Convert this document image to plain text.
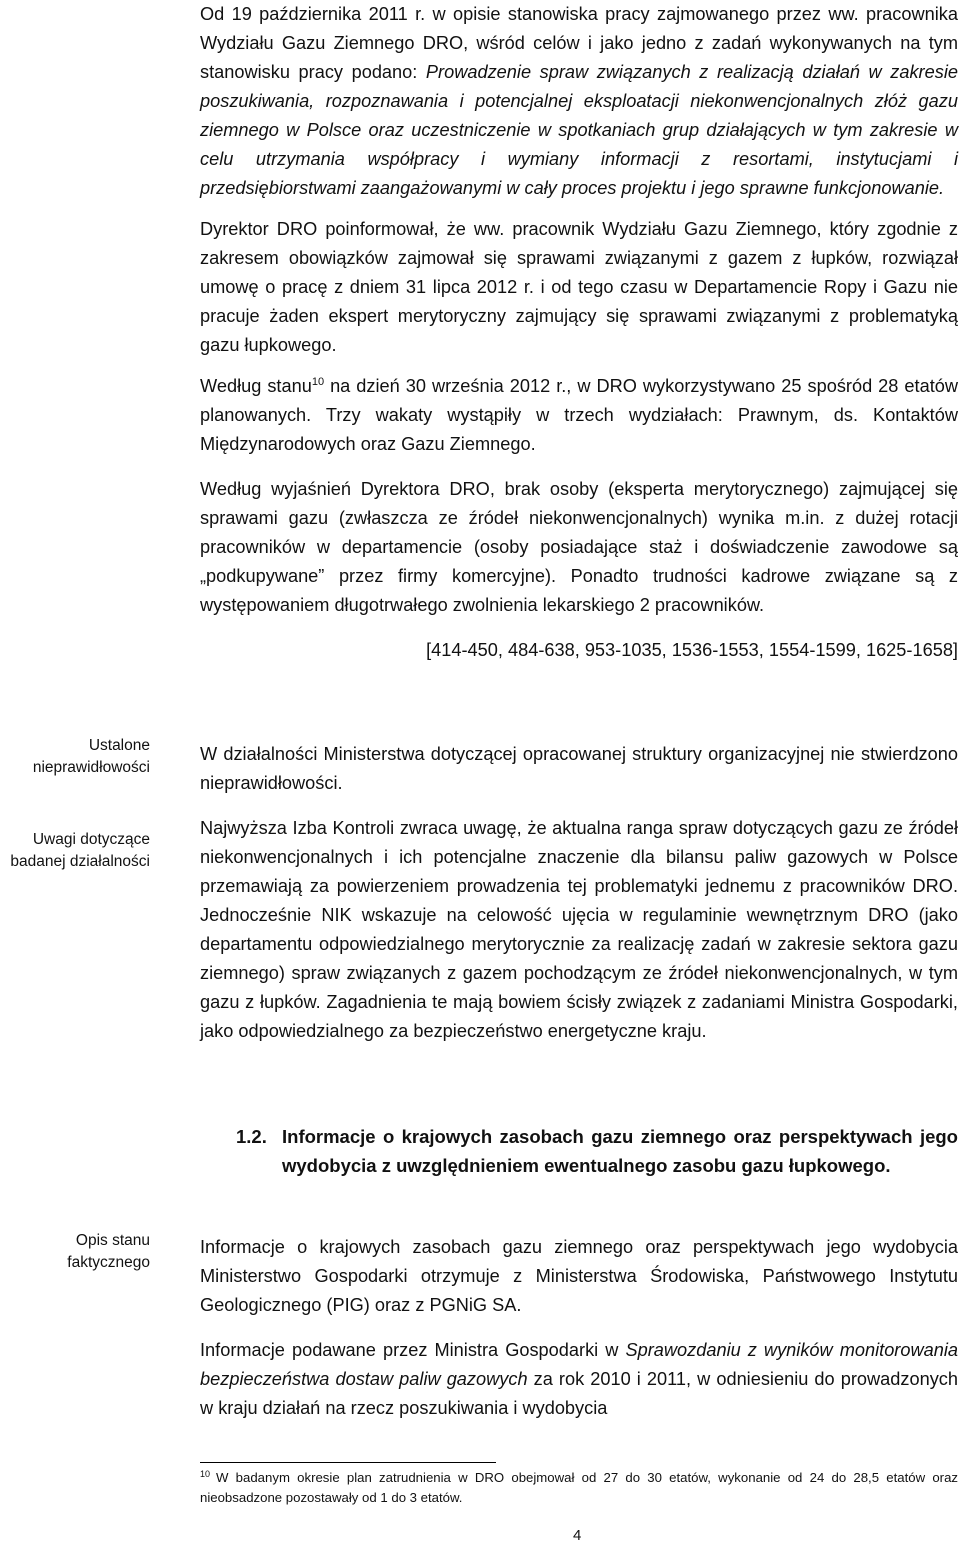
Od 19 października 2011 r. w opisie stanowiska pracy zajmowanego przez ww. pracownika Wydziału Gazu Ziemnego DRO, wśród celów i jako jedno z zadań wykonywanych na tym stanowisku pracy podano: Prowadzenie spraw związanych z realizacją działań w zakresie poszukiwania, rozpoznawania i potencjalnej eksploatacji niekonwencjonalnych złóż gazu ziemnego w Polsce oraz uczestniczenie w spotkaniach grup działających w tym zakresie w celu utrzymania współpracy i wymiany informacji z resortami, instytucjami i przedsiębiorstwami zaangażowanymi w cały proces projektu i jego sprawne funkcjonowanie.

Dyrektor DRO poinformował, że ww. pracownik Wydziału Gazu Ziemnego, który zgodnie z zakresem obowiązków zajmował się sprawami związanymi z gazem z łupków, rozwiązał umowę o pracę z dniem 31 lipca 2012 r. i od tego czasu w Departamencie Ropy i Gazu nie pracuje żaden ekspert merytoryczny zajmujący się sprawami związanymi z problematyką gazu łupkowego.

Według stanu$^{10}$ na dzień 30 września 2012 r., w DRO wykorzystywano 25 spośród 28 etatów planowanych. Trzy wakaty wystąpiły w trzech wydziałach: Prawnym, ds. Kontaktów Międzynarodowych oraz Gazu Ziemnego.

Według wyjaśnień Dyrektora DRO, brak osoby (eksperta merytorycznego) zajmującej się sprawami gazu (zwłaszcza ze źródeł niekonwencjonalnych) wynika m.in. z dużej rotacji pracowników w departamencie (osoby posiadające staż i doświadczenie zawodowe są „podkupywane” przez firmy komercyjne). Ponadto trudności kadrowe związane są z występowaniem długotrwałego zwolnienia lekarskiego 2 pracowników.

[414-450, 484-638, 953-1035, 1536-1553, 1554-1599, 1625-1658]

Ustalone nieprawidłowości
Uwagi dotyczące badanej działalności
Opis stanu faktycznego

W działalności Ministerstwa dotyczącej opracowanej struktury organizacyjnej nie stwierdzono nieprawidłowości.

Najwyższa Izba Kontroli zwraca uwagę, że aktualna ranga spraw dotyczących gazu ze źródeł niekonwencjonalnych i ich potencjalne znaczenie dla bilansu paliw gazowych w Polsce przemawiają za powierzeniem prowadzenia tej problematyki jednemu z pracowników DRO. Jednocześnie NIK wskazuje na celowość ujęcia w regulaminie wewnętrznym DRO (jako departamentu odpowiedzialnego merytorycznie za realizację zadań w zakresie sektora gazu ziemnego) spraw związanych z gazem pochodzącym ze źródeł niekonwencjonalnych, w tym gazu z łupków. Zagadnienia te mają bowiem ścisły związek z zadaniami Ministra Gospodarki, jako odpowiedzialnego za bezpieczeństwo energetyczne kraju.

1.2. Informacje o krajowych zasobach gazu ziemnego oraz perspektywach jego wydobycia z uwzględnieniem ewentualnego zasobu gazu łupkowego.

Informacje o krajowych zasobach gazu ziemnego oraz perspektywach jego wydobycia Ministerstwo Gospodarki otrzymuje z Ministerstwa Środowiska, Państwowego Instytutu Geologicznego (PIG) oraz z PGNiG SA.

Informacje podawane przez Ministra Gospodarki w Sprawozdaniu z wyników monitorowania bezpieczeństwa dostaw paliw gazowych za rok 2010 i 2011, w odniesieniu do prowadzonych w kraju działań na rzecz poszukiwania i wydobycia

$^{10}$ W badanym okresie plan zatrudnienia w DRO obejmował od 27 do 30 etatów, wykonanie od 24 do 28,5 etatów oraz nieobsadzone pozostawały od 1 do 3 etatów.
4
